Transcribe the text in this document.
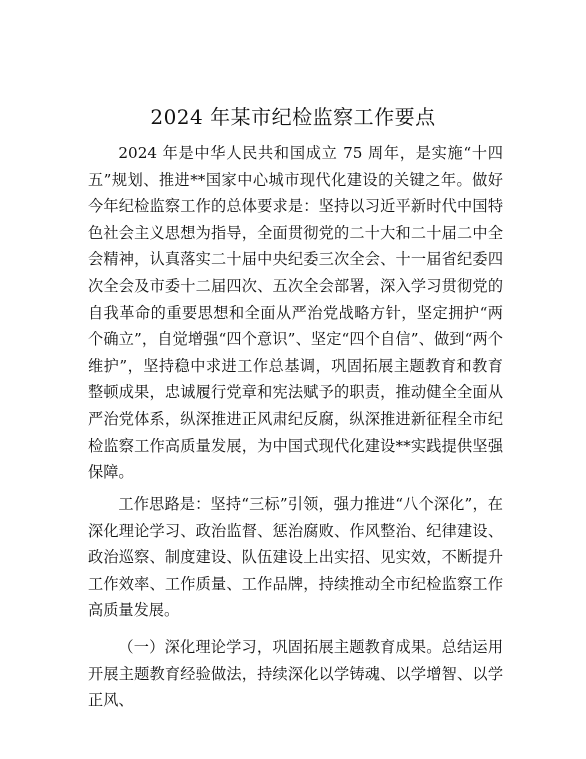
2024 年某市纪检监察工作要点

2024 年是中华人民共和国成立 75 周年，是实施“十四五”规划、推进**国家中心城市现代化建设的关键之年。做好今年纪检监察工作的总体要求是：坚持以习近平新时代中国特色社会主义思想为指导，全面贯彻党的二十大和二十届二中全会精神，认真落实二十届中央纪委三次全会、十一届省纪委四次全会及市委十二届四次、五次全会部署，深入学习贯彻党的自我革命的重要思想和全面从严治党战略方针，坚定拥护“两个确立”，自觉增强“四个意识”、坚定“四个自信”、做到“两个维护”，坚持稳中求进工作总基调，巩固拓展主题教育和教育整顿成果，忠诚履行党章和宪法赋予的职责，推动健全全面从严治党体系，纵深推进正风肃纪反腐，纵深推进新征程全市纪检监察工作高质量发展，为中国式现代化建设**实践提供坚强保障。

工作思路是：坚持“三标”引领，强力推进“八个深化”，在深化理论学习、政治监督、惩治腐败、作风整治、纪律建设、政治巡察、制度建设、队伍建设上出实招、见实效，不断提升工作效率、工作质量、工作品牌，持续推动全市纪检监察工作高质量发展。

（一）深化理论学习，巩固拓展主题教育成果。总结运用开展主题教育经验做法，持续深化以学铸魂、以学增智、以学正风、
